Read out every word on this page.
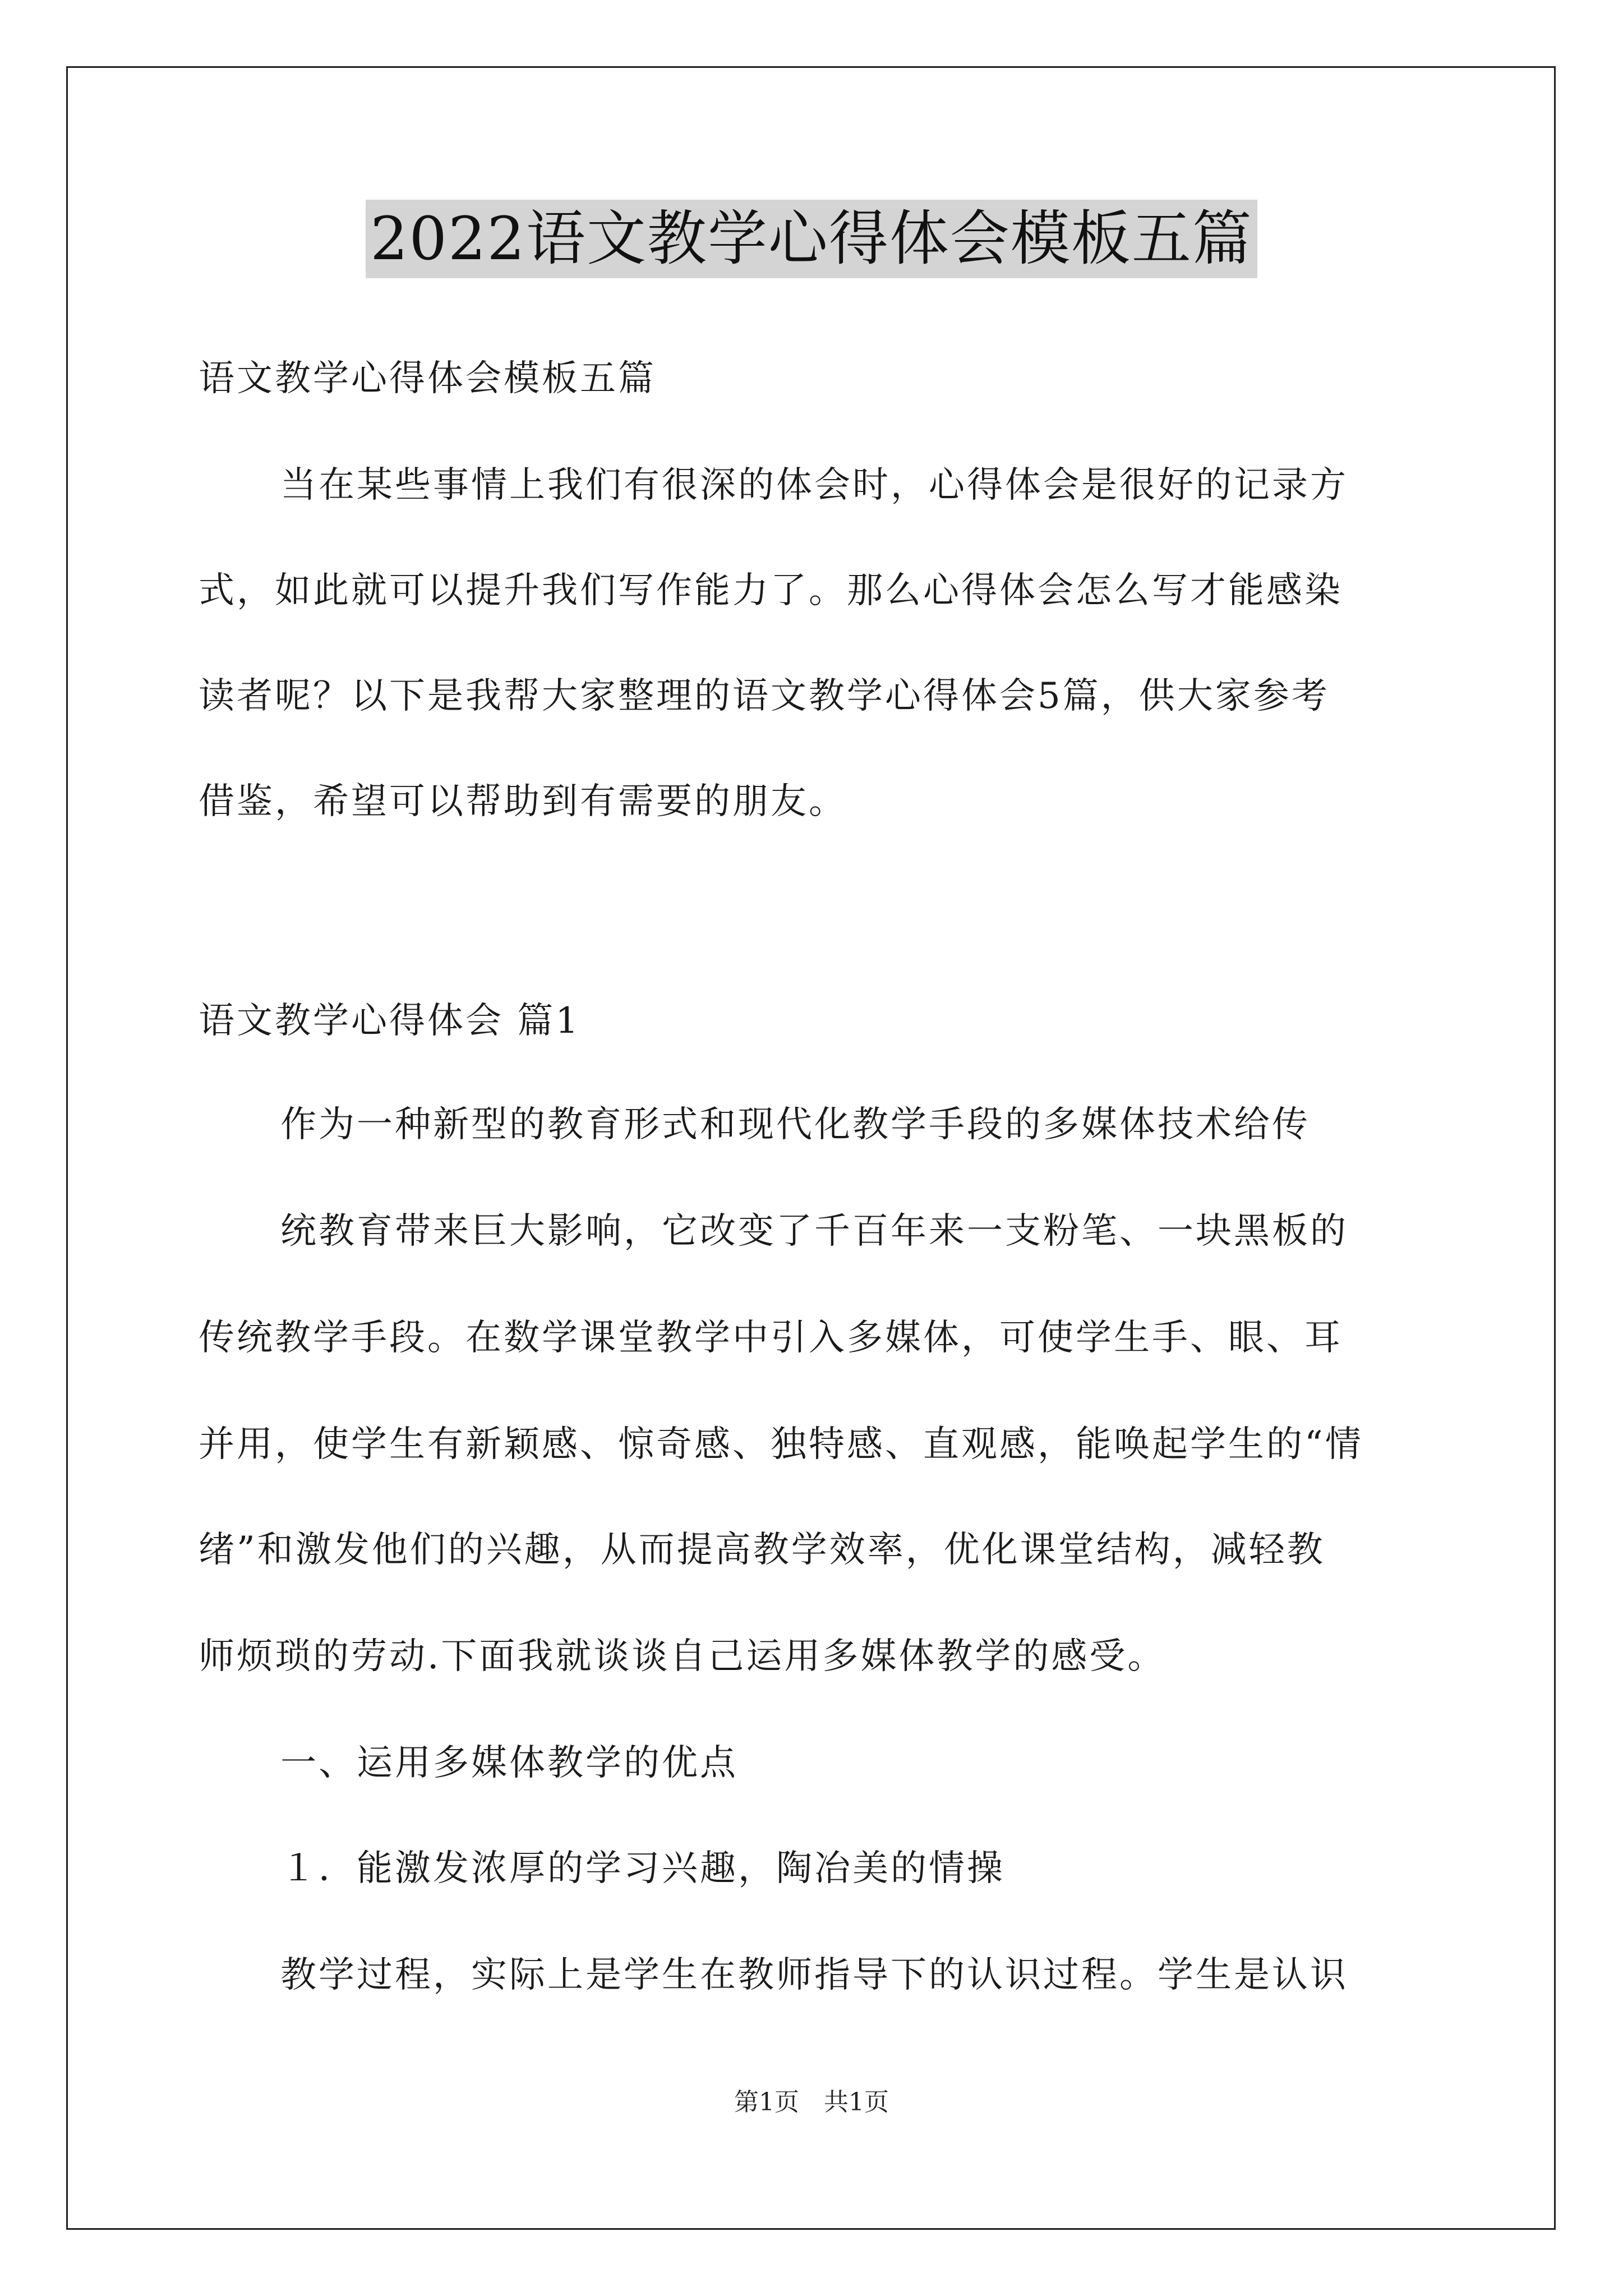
2022语文教学心得体会模板五篇
语文教学心得体会模板五篇
当在某些事情上我们有很深的体会时，心得体会是很好的记录方
式，如此就可以提升我们写作能力了。那么心得体会怎么写才能感染
读者呢？以下是我帮大家整理的语文教学心得体会5篇，供大家参考
借鉴，希望可以帮助到有需要的朋友。
语文教学心得体会 篇1
作为一种新型的教育形式和现代化教学手段的多媒体技术给传
统教育带来巨大影响，它改变了千百年来一支粉笔、一块黑板的
传统教学手段。在数学课堂教学中引入多媒体，可使学生手、眼、耳
并用，使学生有新颖感、惊奇感、独特感、直观感，能唤起学生的“情
绪”和激发他们的兴趣，从而提高教学效率，优化课堂结构，减轻教
师烦琐的劳动.下面我就谈谈自己运用多媒体教学的感受。
一、运用多媒体教学的优点
１．能激发浓厚的学习兴趣，陶冶美的情操
教学过程，实际上是学生在教师指导下的认识过程。学生是认识
第1页　共1页
